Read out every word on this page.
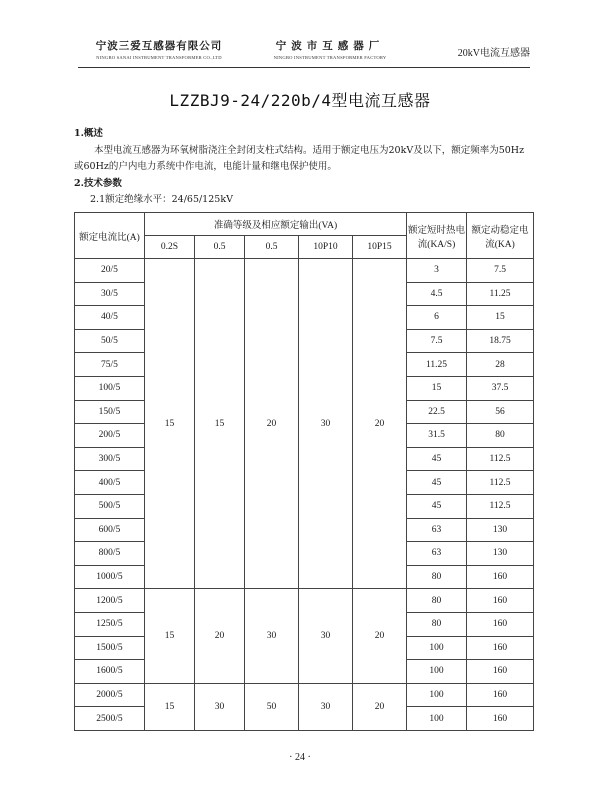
宁波三爱互感器有限公司
NINGBO SANAI INSTRUMENT TRANSFORMER CO.,LTD
宁波市互感器厂
NINGBO INSTRUMENT TRANSFORMER FACTORY	20kV电流互感器
LZZBJ9-24/220b/4型电流互感器
1.概述
本型电流互感器为环氧树脂浇注全封闭支柱式结构。适用于额定电压为20kV及以下，额定频率为50Hz或60Hz的户内电力系统中作电流，电能计量和继电保护使用。
2.技术参数
2.1额定绝缘水平：24/65/125kV
额定电流比(A)	准确等级及相应额定输出(VA)					额定短时热电流(KA/S)	额定动稳定电流(KA)
	0.2S	0.5	0.5	10P10	10P15		
20/5	15	15	20	30	20	3	7.5
30/5						4.5	11.25
40/5						6	15
50/5						7.5	18.75
75/5						11.25	28
100/5						15	37.5
150/5						22.5	56
200/5						31.5	80
300/5						45	112.5
400/5						45	112.5
500/5						45	112.5
600/5						63	130
800/5						63	130
1000/5						80	160
1200/5	15	20	30	30	20	80	160
1250/5						80	160
1500/5						100	160
1600/5						100	160
2000/5	15	30	50	30	20	100	160
2500/5						100	160
· 24 ·
